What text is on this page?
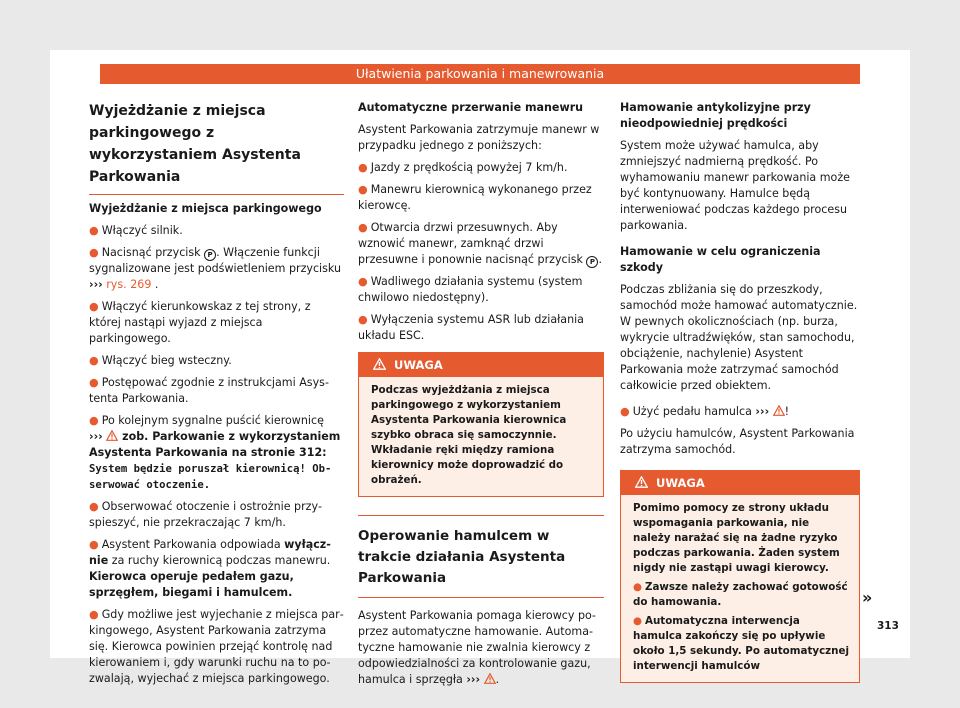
Ułatwienia parkowania i manewrowania
Wyjeżdżanie z miejsca parkingowego z wykorzystaniem Asystenta Parkowania

Wyjeżdżanie z miejsca parkingowego

● Włączyć silnik.

● Nacisnąć przycisk P . Włączenie funkcji sygnalizowane jest podświetleniem przycisku ››› rys. 269 .

● Włączyć kierunkowskaz z tej strony, z której nastąpi wyjazd z miejsca parkingowego.

● Włączyć bieg wsteczny.

● Postępować zgodnie z instrukcjami Asystenta Parkowania.

● Po kolejnym sygnalne puścić kierownicę
›››  zob. Parkowanie z wykorzystaniem Asystenta Parkowania na stronie 312: System będzie poruszał kierownicą! Obserwować otoczenie.

● Obserwować otoczenie i ostrożnie przyspieszyć, nie przekraczając 7 km/h.

● Asystent Parkowania odpowiada wyłącznie za ruchy kierownicą podczas manewru. Kierowca operuje pedałem gazu, sprzęgłem, biegami i hamulcem.

● Gdy możliwe jest wyjechanie z miejsca parkingowego, Asystent Parkowania zatrzyma się. Kierowca powinien przejąć kontrolę nad kierowaniem i, gdy warunki ruchu na to pozwalają, wyjechać z miejsca parkingowego.

Automatyczne przerwanie manewru

Asystent Parkowania zatrzymuje manewr w przypadku jednego z poniższych:

● Jazdy z prędkością powyżej 7 km/h.

● Manewru kierownicą wykonanego przez kierowcę.

● Otwarcia drzwi przesuwnych. Aby wznowić manewr, zamknąć drzwi przesuwne i ponownie nacisnąć przycisk P .

● Wadliwego działania systemu (system chwilowo niedostępny).

● Wyłączenia systemu ASR lub działania układu ESC.

UWAGA
Podczas wyjeżdżania z miejsca parkingowego z wykorzystaniem Asystenta Parkowania kierownica szybko obraca się samoczynnie. Wkładanie ręki między ramiona kierownicy może doprowadzić do obrażeń.
Operowanie hamulcem w trakcie działania Asystenta Parkowania

Asystent Parkowania pomaga kierowcy poprzez automatyczne hamowanie. Automatyczne hamowanie nie zwalnia kierowcy z odpowiedzialności za kontrolowanie gazu, hamulca i sprzęgła ››› .

Hamowanie antykolizyjne przy nieodpowiedniej prędkości

System może używać hamulca, aby zmniejszyć nadmierną prędkość. Po wyhamowaniu manewr parkowania może być kontynuowany. Hamulce będą interweniować podczas każdego procesu parkowania.

Hamowanie w celu ograniczenia szkody

Podczas zbliżania się do przeszkody, samochód może hamować automatycznie. W pewnych okolicznościach (np. burza, wykrycie ultradźwięków, stan samochodu, obciążenie, nachylenie) Asystent Parkowania może zatrzymać samochód całkowicie przed obiektem.

● Użyć pedału hamulca ››› !

Po użyciu hamulców, Asystent Parkowania zatrzyma samochód.

UWAGA

Pomimo pomocy ze strony układu wspomagania parkowania, nie należy narażać się na żadne ryzyko podczas parkowania. Żaden system nigdy nie zastąpi uwagi kierowcy.

● Zawsze należy zachować gotowość do hamowania.

● Automatyczna interwencja hamulca zakończy się po upływie około 1,5 sekundy. Po automatycznej interwencji hamulców

»
313
